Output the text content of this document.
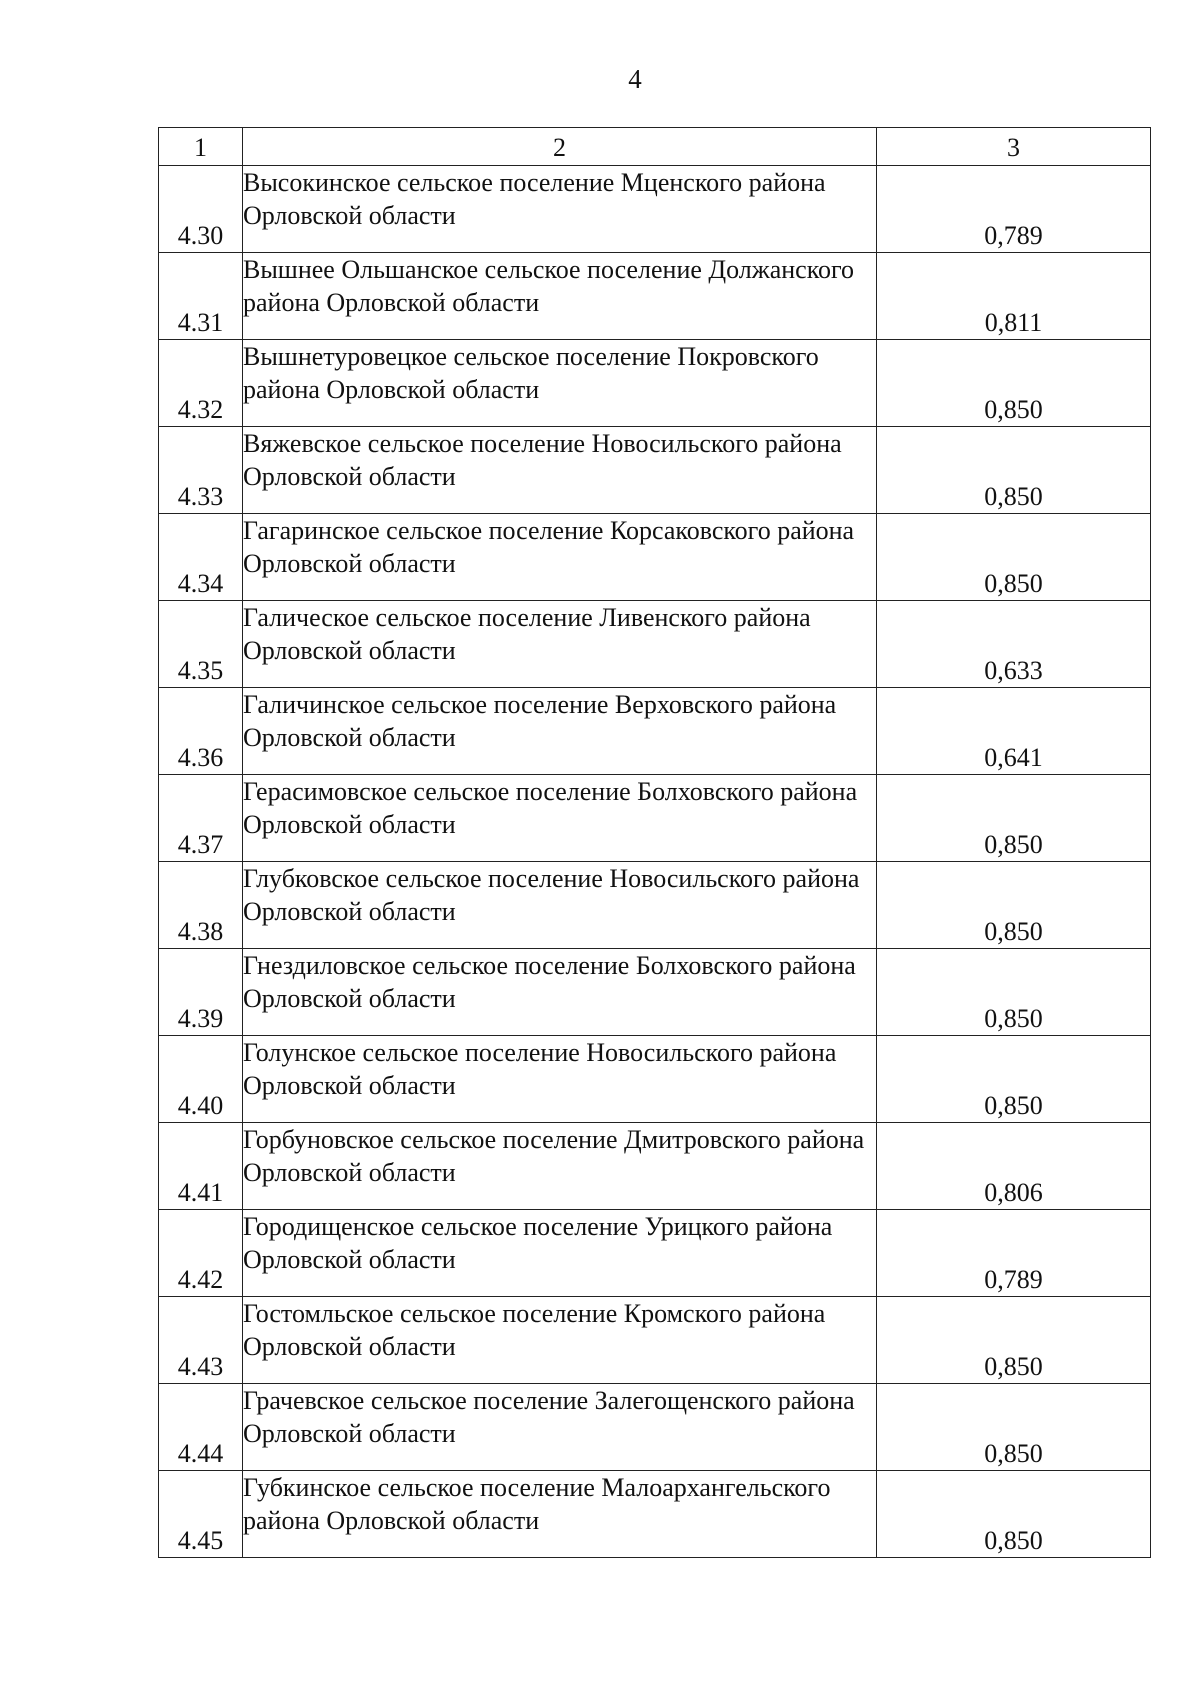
4
1	2	3
4.30	Высокинское сельское поселение Мценского района Орловской области	0,789
4.31	Вышнее Ольшанское сельское поселение Должанского района Орловской области	0,811
4.32	Вышнетуровецкое сельское поселение Покровского района Орловской области	0,850
4.33	Вяжевское сельское поселение Новосильского района Орловской области	0,850
4.34	Гагаринское сельское поселение Корсаковского района Орловской области	0,850
4.35	Галическое сельское поселение Ливенского района Орловской области	0,633
4.36	Галичинское сельское поселение Верховского района Орловской области	0,641
4.37	Герасимовское сельское поселение Болховского района Орловской области	0,850
4.38	Глубковское сельское поселение Новосильского района Орловской области	0,850
4.39	Гнездиловское сельское поселение Болховского района Орловской области	0,850
4.40	Голунское сельское поселение Новосильского района Орловской области	0,850
4.41	Горбуновское сельское поселение Дмитровского района Орловской области	0,806
4.42	Городищенское сельское поселение Урицкого района Орловской области	0,789
4.43	Гостомльское сельское поселение Кромского района Орловской области	0,850
4.44	Грачевское сельское поселение Залегощенского района Орловской области	0,850
4.45	Губкинское сельское поселение Малоархангельского района Орловской области	0,850
